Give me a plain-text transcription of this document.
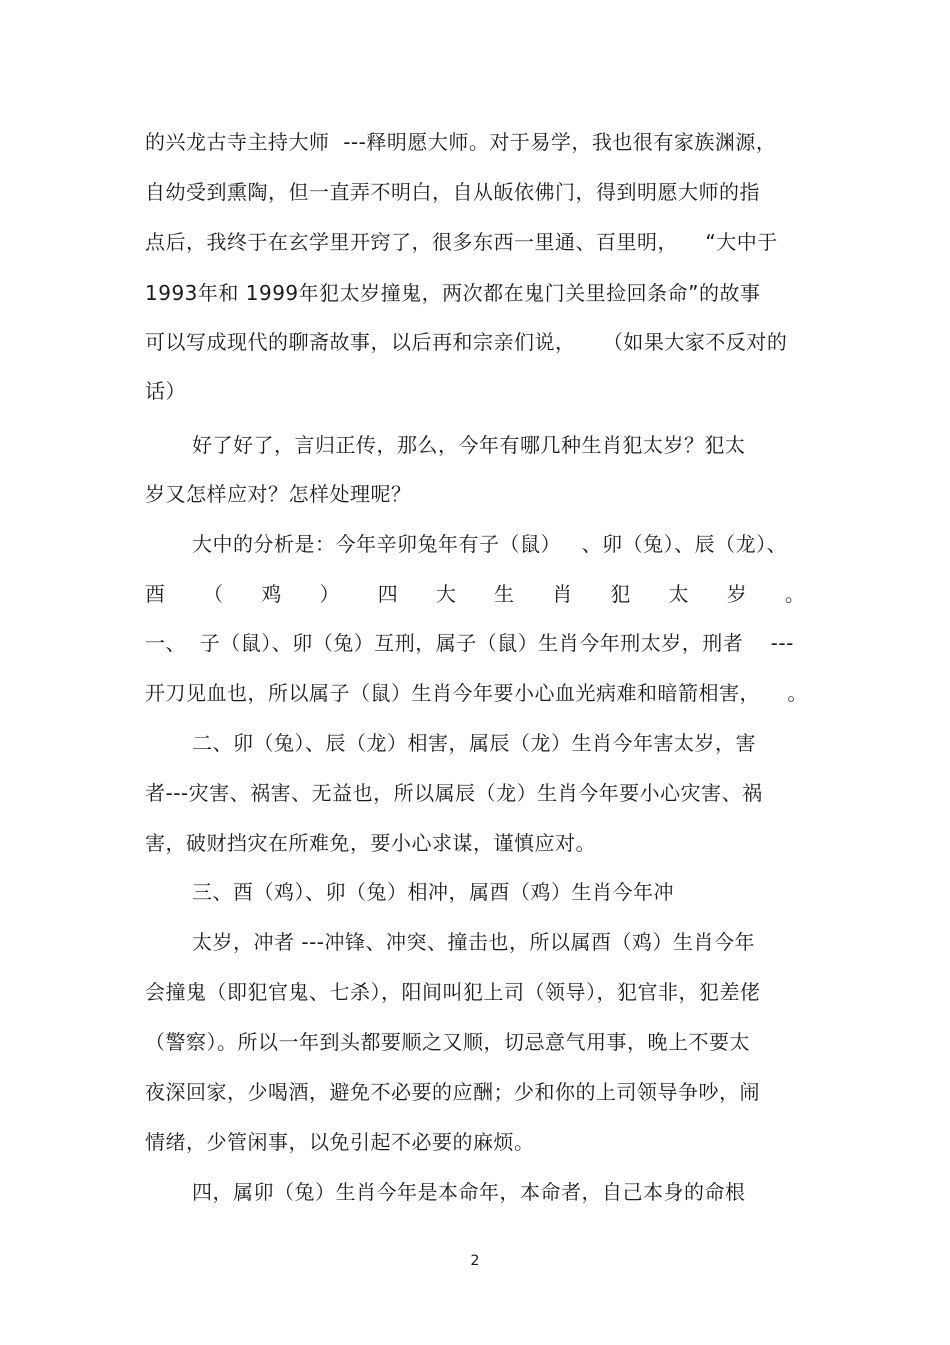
的兴龙古寺主持大师  ---释明愿大师。对于易学，我也很有家族渊源，
自幼受到熏陶，但一直弄不明白，自从皈依佛门，得到明愿大师的指
点后，我终于在玄学里开窍了，很多东西一里通、百里明，    “大中于
1993年和 1999年犯太岁撞鬼，两次都在鬼门关里捡回条命”的故事
可以写成现代的聊斋故事，以后再和宗亲们说，    （如果大家不反对的
话）
好了好了，言归正传，那么，今年有哪几种生肖犯太岁？犯太
岁又怎样应对？怎样处理呢？
大中的分析是：今年辛卯兔年有子（鼠）   、卯（兔）、辰（龙）、
酉 （ 鸡 ） 四 大 生 肖 犯 太 岁 。
一、  子（鼠）、卯（兔）互刑，属子（鼠）生肖今年刑太岁，刑者    ---
开刀见血也，所以属子（鼠）生肖今年要小心血光病难和暗箭相害，    。
二、卯（兔）、辰（龙）相害，属辰（龙）生肖今年害太岁，害
者---灾害、祸害、无益也，所以属辰（龙）生肖今年要小心灾害、祸
害，破财挡灾在所难免，要小心求谋，谨慎应对。
三、酉（鸡）、卯（兔）相冲，属酉（鸡）生肖今年冲
太岁，冲者 ---冲锋、冲突、撞击也，所以属酉（鸡）生肖今年
会撞鬼（即犯官鬼、七杀），阳间叫犯上司（领导），犯官非，犯差佬
（警察）。所以一年到头都要顺之又顺，切忌意气用事，晚上不要太
夜深回家，少喝酒，避免不必要的应酬；少和你的上司领导争吵，闹
情绪，少管闲事，以免引起不必要的麻烦。
四，属卯（兔）生肖今年是本命年，本命者，自己本身的命根
2
